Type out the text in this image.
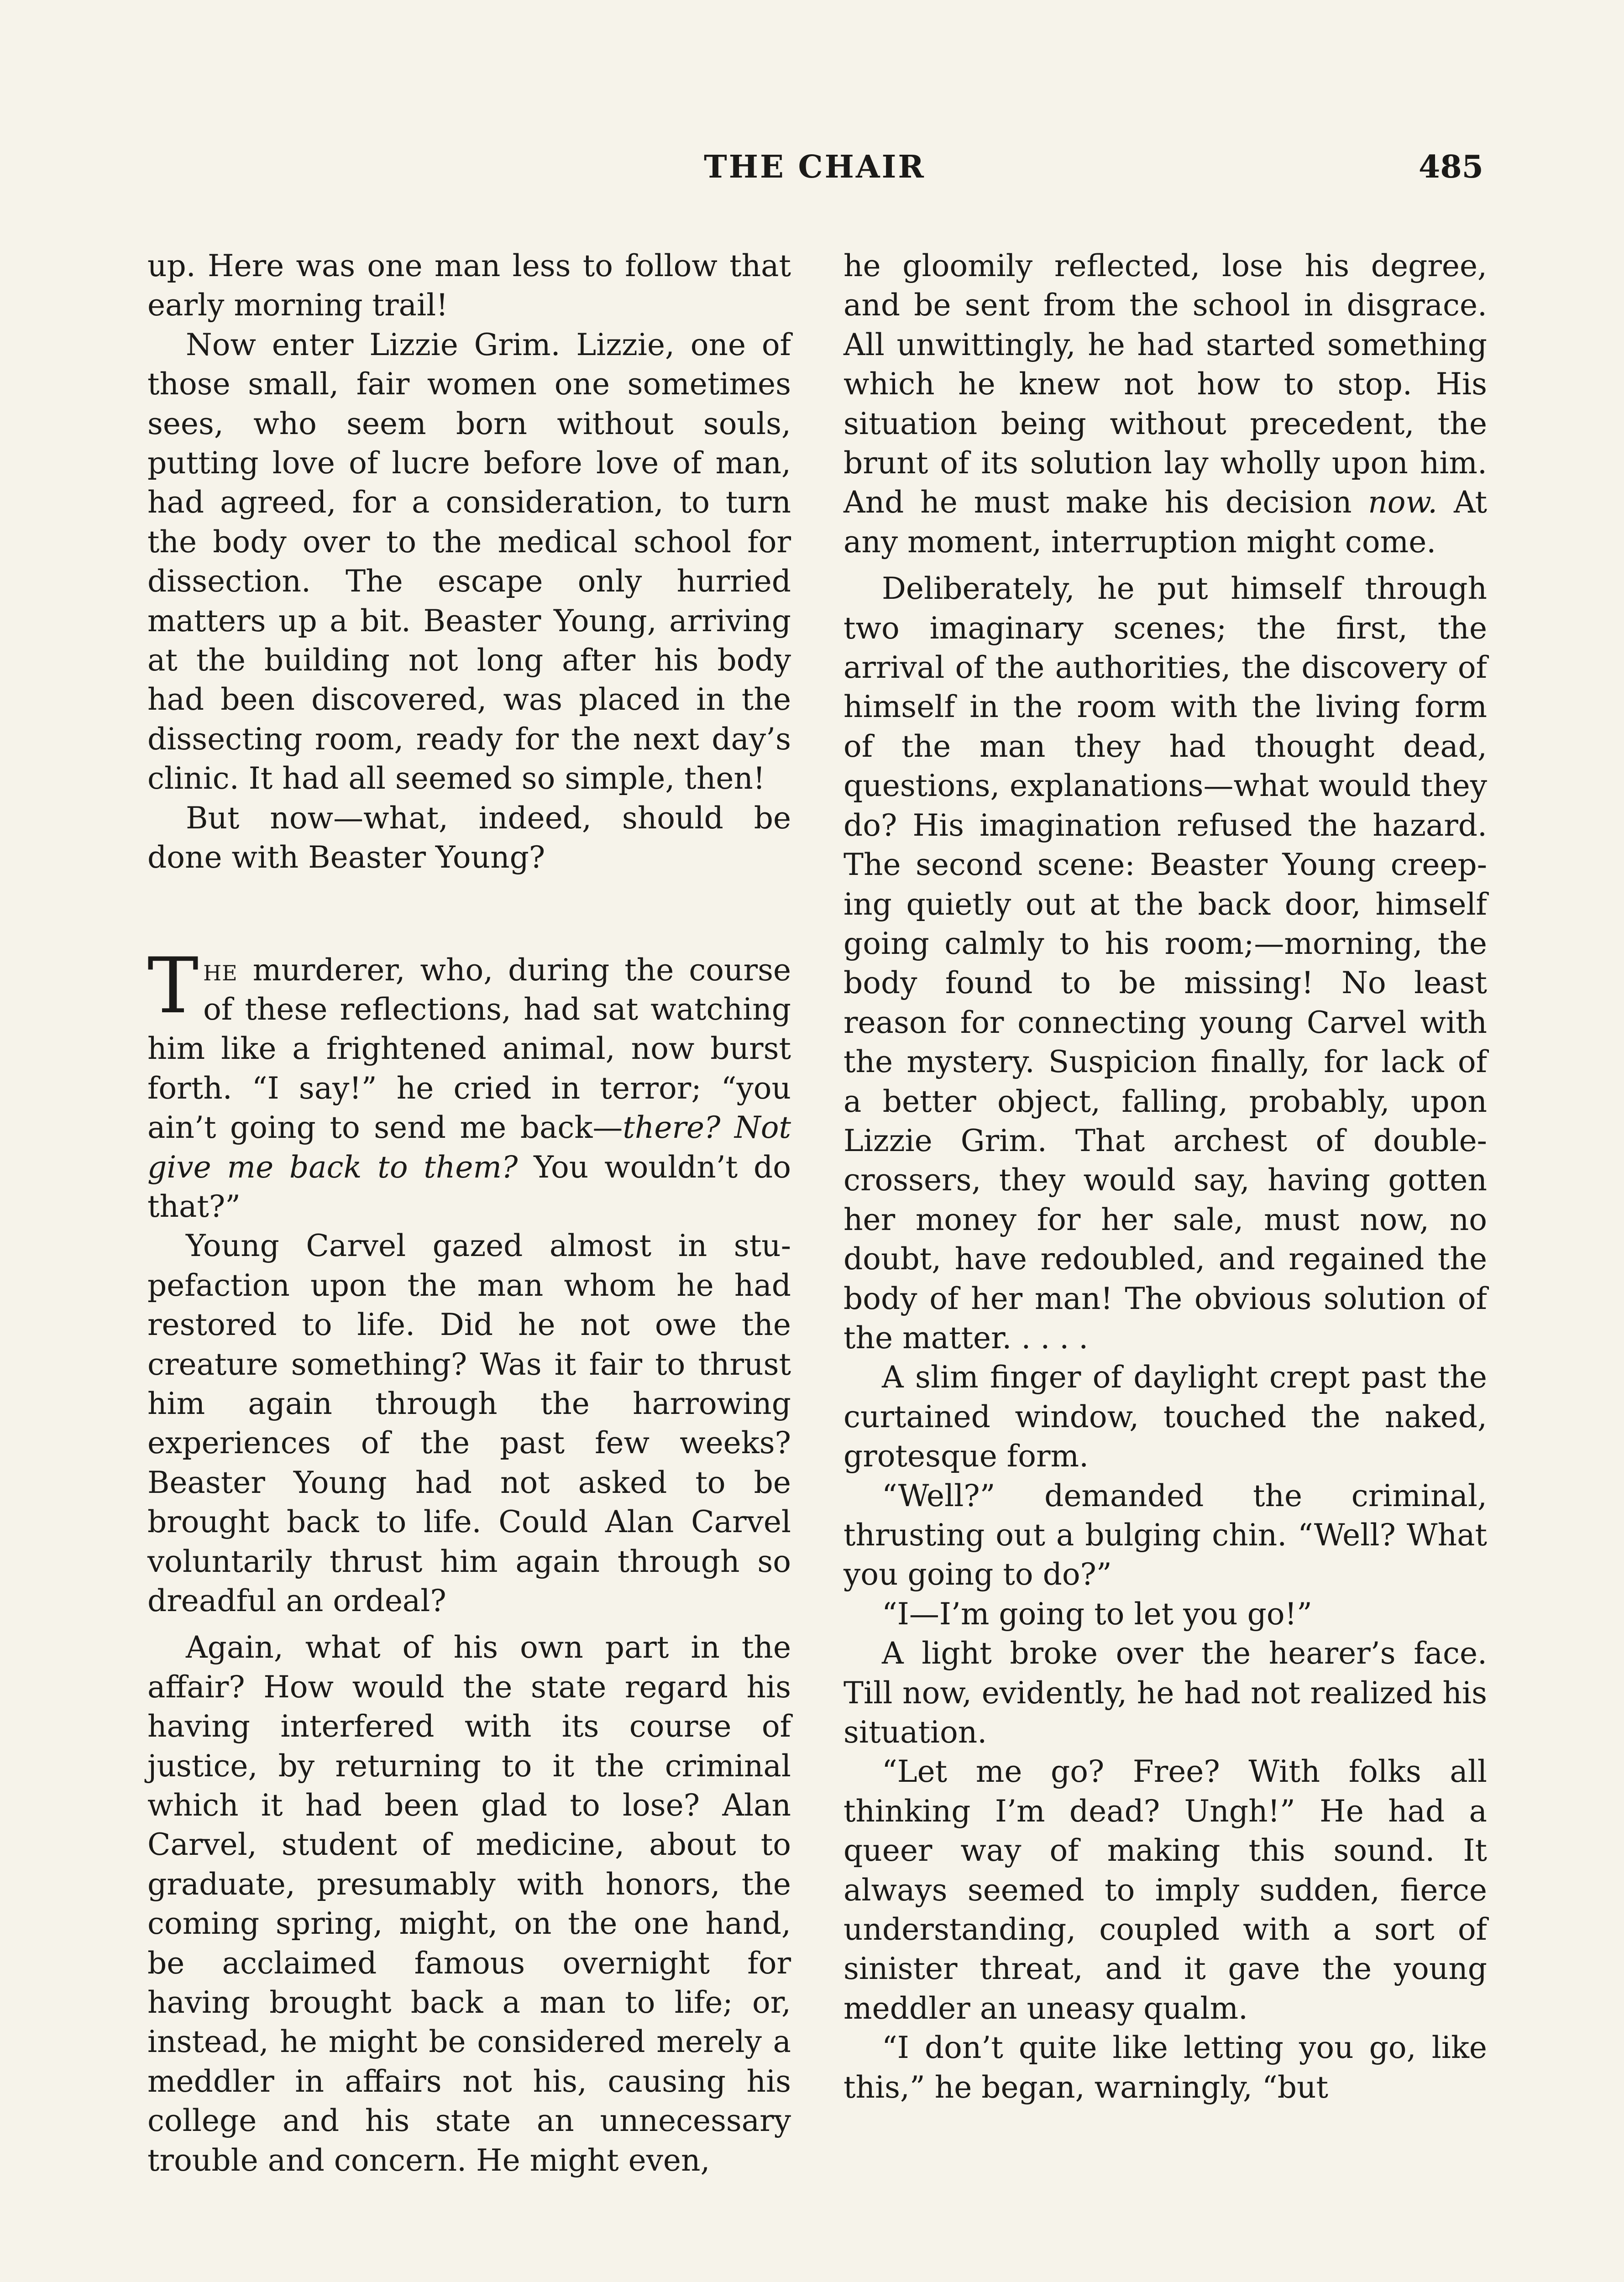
THE CHAIR	485

up. Here was one man less to follow that early morning trail!

Now enter Lizzie Grim. Lizzie, one of those small, fair women one sometimes sees, who seem born without souls, putting love of lucre before love of man, had agreed, for a consideration, to turn the body over to the medical school for dissection. The escape only hurried matters up a bit. Beaster Young, arriving at the building not long after his body had been discovered, was placed in the dissecting room, ready for the next day’s clinic. It had all seemed so simple, then!

But now—what, indeed, should be done with Beaster Young?

The murderer, who, during the course of these reflections, had sat watching him like a frightened animal, now burst forth. “I say!” he cried in terror; “you ain’t going to send me back—there? Not give me back to them? You wouldn’t do that?”

Young Carvel gazed almost in stupefaction upon the man whom he had restored to life. Did he not owe the creature something? Was it fair to thrust him again through the harrowing experiences of the past few weeks? Beaster Young had not asked to be brought back to life. Could Alan Carvel voluntarily thrust him again through so dreadful an ordeal?

Again, what of his own part in the affair? How would the state regard his having interfered with its course of justice, by returning to it the criminal which it had been glad to lose? Alan Carvel, student of medicine, about to graduate, presumably with honors, the coming spring, might, on the one hand, be acclaimed famous overnight for having brought back a man to life; or, instead, he might be considered merely a meddler in affairs not his, causing his college and his state an unnecessary trouble and concern. He might even,

he gloomily reflected, lose his degree, and be sent from the school in disgrace. All unwittingly, he had started something which he knew not how to stop. His situation being without precedent, the brunt of its solution lay wholly upon him. And he must make his decision now. At any moment, interruption might come.

Deliberately, he put himself through two imaginary scenes; the first, the arrival of the authorities, the discovery of himself in the room with the living form of the man they had thought dead, questions, explanations—what would they do? His imagination refused the hazard. The second scene: Beaster Young creeping quietly out at the back door, himself going calmly to his room;—morning, the body found to be missing! No least reason for connecting young Carvel with the mystery. Suspicion finally, for lack of a better object, falling, probably, upon Lizzie Grim. That archest of double-crossers, they would say, having gotten her money for her sale, must now, no doubt, have redoubled, and regained the body of her man! The obvious solution of the matter. . . . .

A slim finger of daylight crept past the curtained window, touched the naked, grotesque form.

“Well?” demanded the criminal, thrusting out a bulging chin. “Well? What you going to do?”

“I—I’m going to let you go!”

A light broke over the hearer’s face. Till now, evidently, he had not realized his situation.

“Let me go? Free? With folks all thinking I’m dead? Ungh!” He had a queer way of making this sound. It always seemed to imply sudden, fierce understanding, coupled with a sort of sinister threat, and it gave the young meddler an uneasy qualm.

“I don’t quite like letting you go, like this,” he began, warningly, “but
